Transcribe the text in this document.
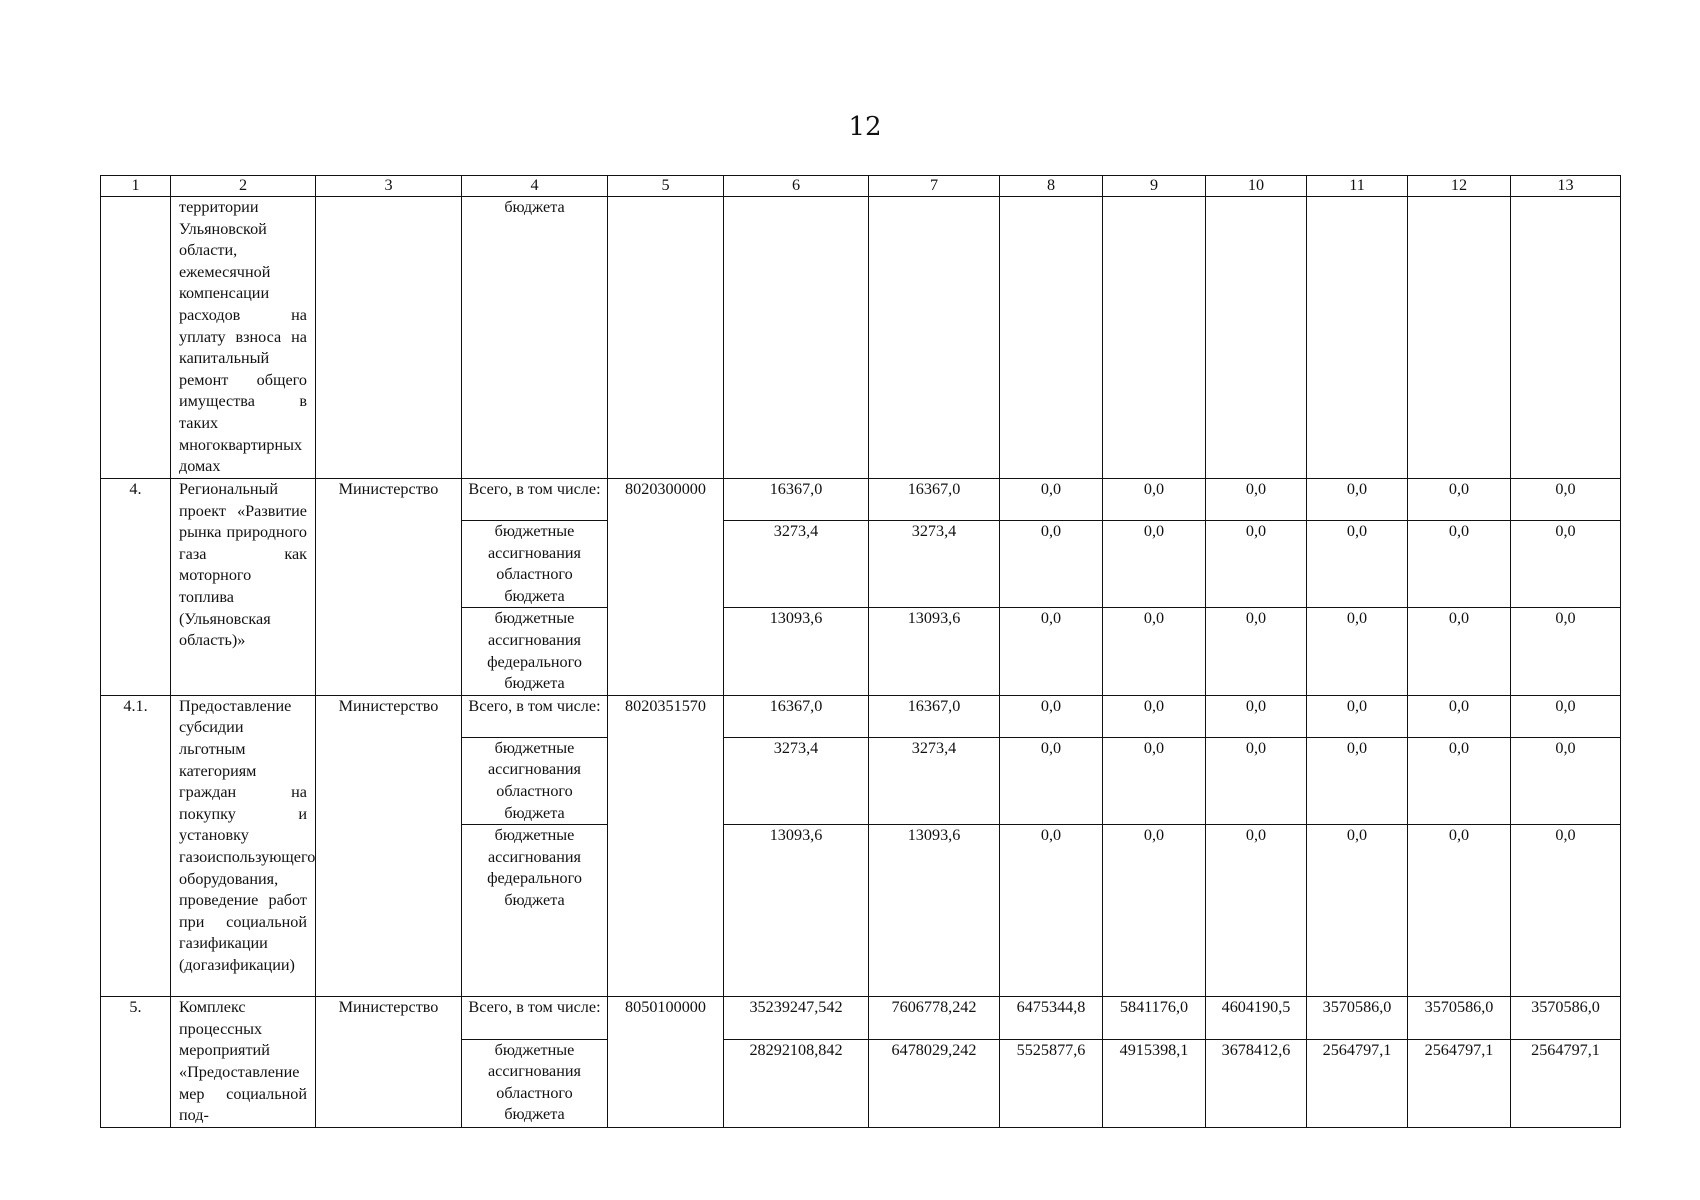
12
1	2	3	4	5	6	7	8	9	10	11	12	13
	территории Ульяновской области, ежемесячной компенсации расходов на уплату взноса на капитальный ремонт общего имущества в таких многоквартирных домах		бюджета									
4.	Региональный проект «Развитие рынка природного газа как моторного топлива (Ульяновская область)»	Министерство	Всего, в том числе:	8020300000	16367,0	16367,0	0,0	0,0	0,0	0,0	0,0	0,0
			бюджетные ассигнования областного бюджета		3273,4	3273,4	0,0	0,0	0,0	0,0	0,0	0,0
			бюджетные ассигнования федерального бюджета		13093,6	13093,6	0,0	0,0	0,0	0,0	0,0	0,0
4.1.	Предоставление субсидии льготным категориям граждан на покупку и установку газоиспользующего оборудования, проведение работ при социальной газификации (догазификации)	Министерство	Всего, в том числе:	8020351570	16367,0	16367,0	0,0	0,0	0,0	0,0	0,0	0,0
			бюджетные ассигнования областного бюджета		3273,4	3273,4	0,0	0,0	0,0	0,0	0,0	0,0
			бюджетные ассигнования федерального бюджета		13093,6	13093,6	0,0	0,0	0,0	0,0	0,0	0,0
5.	Комплекс процессных мероприятий «Предоставление мер социальной под-	Министерство	Всего, в том числе:	8050100000	35239247,542	7606778,242	6475344,8	5841176,0	4604190,5	3570586,0	3570586,0	3570586,0
			бюджетные ассигнования областного бюджета		28292108,842	6478029,242	5525877,6	4915398,1	3678412,6	2564797,1	2564797,1	2564797,1
